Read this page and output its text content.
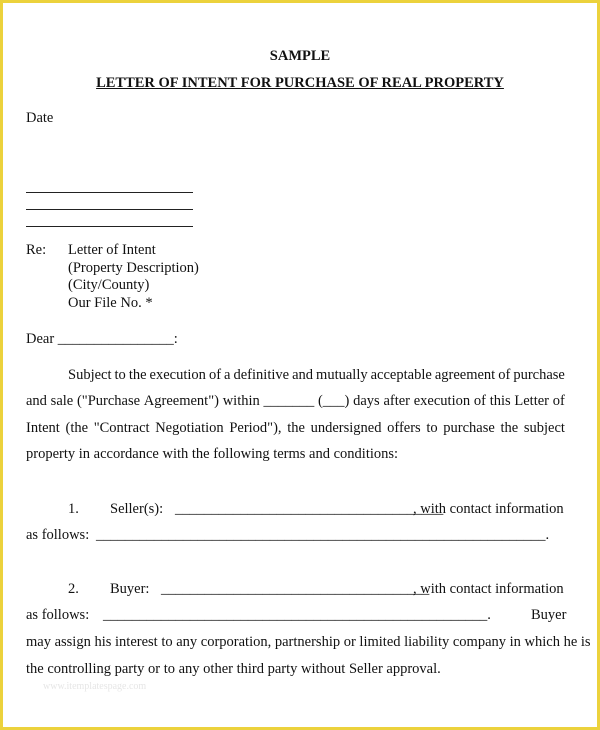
SAMPLE
LETTER OF INTENT FOR PURCHASE OF REAL PROPERTY
Date
Re: Letter of Intent
(Property Description)
(City/County)
Our File No. *
Dear ________________:
Subject to the execution of a definitive and mutually acceptable agreement of purchase
and sale ("Purchase Agreement") within _______ (___) days after execution of this Letter of
Intent (the "Contract Negotiation Period"), the undersigned offers to purchase the subject
property in accordance with the following terms and conditions:
1. Seller(s): _____________________________________
, with contact information
as follows: ______________________________________________________________.
2. Buyer: _____________________________________
, with contact information
as follows: _____________________________________________________.	Buyer
may assign his interest to any corporation, partnership or limited liability company in which he is
the controlling party or to any other third party without Seller approval.
www.itemplatespage.com
